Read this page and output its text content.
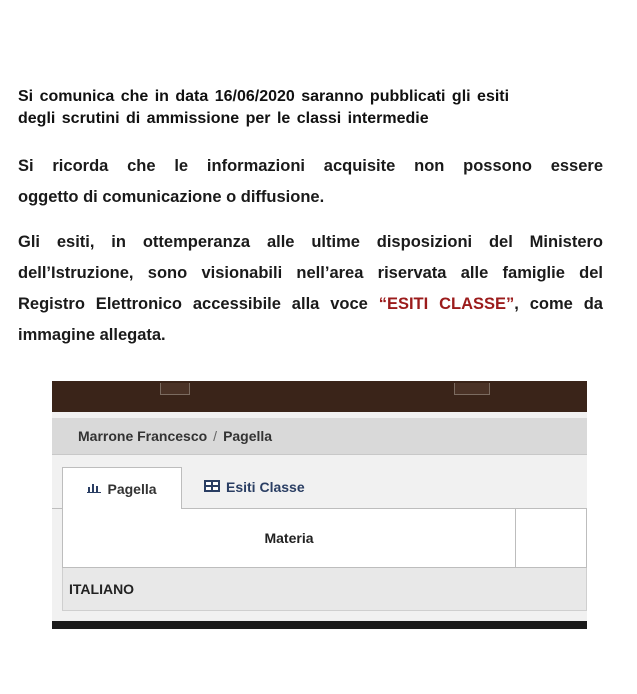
Si comunica che in data 16/06/2020 saranno pubblicati gli esiti
degli scrutini di ammissione per le classi intermedie

Si ricorda che le informazioni acquisite non possono essere
oggetto di comunicazione o diffusione.

Gli esiti, in ottemperanza alle ultime disposizioni del Ministero
dell’Istruzione, sono visionabili nell’area riservata alle famiglie del
Registro Elettronico accessibile alla voce “ESITI CLASSE”, come da
immagine allegata.

Marrone Francesco / Pagella
Pagella	Esiti Classe
Materia
ITALIANO
